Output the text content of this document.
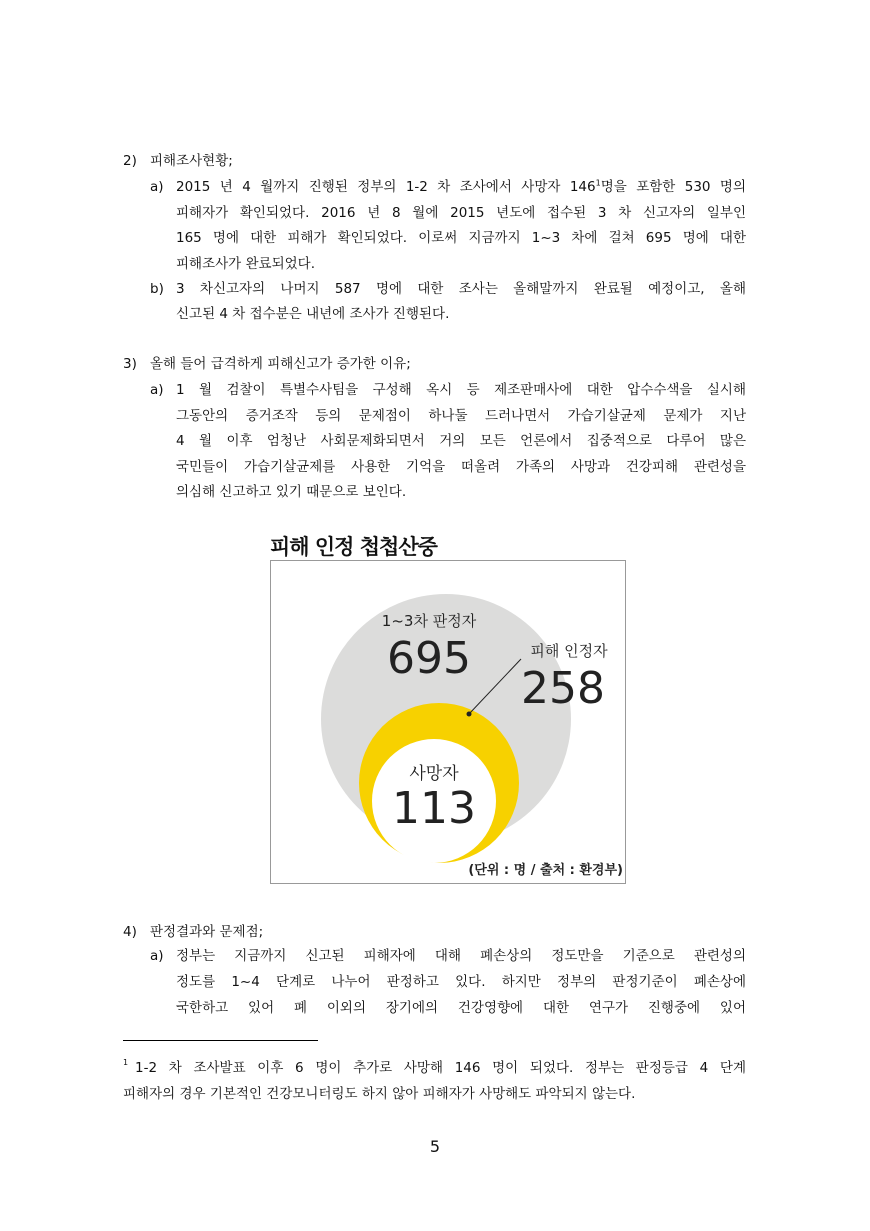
2) 피해조사현황;
a) 2015 년 4 월까지 진행된 정부의 1-2 차 조사에서 사망자 $146^1$명을 포함한 530 명의
피해자가 확인되었다. 2016 년 8 월에 2015 년도에 접수된 3 차 신고자의 일부인
165 명에 대한 피해가 확인되었다. 이로써 지금까지 1~3 차에 걸쳐 695 명에 대한
피해조사가 완료되었다.
b) 3 차신고자의 나머지 587 명에 대한 조사는 올해말까지 완료될 예정이고, 올해
신고된 4 차 접수분은 내년에 조사가 진행된다.
3) 올해 들어 급격하게 피해신고가 증가한 이유;
a) 1 월 검찰이 특별수사팀을 구성해 옥시 등 제조판매사에 대한 압수수색을 실시해
그동안의 증거조작 등의 문제점이 하나둘 드러나면서 가습기살균제 문제가 지난
4 월 이후 엄청난 사회문제화되면서 거의 모든 언론에서 집중적으로 다루어 많은
국민들이 가습기살균제를 사용한 기억을 떠올려 가족의 사망과 건강피해 관련성을
의심해 신고하고 있기 때문으로 보인다.
피해 인정 첩첩산중
1~3차 판정자
695	피해 인정자
258
사망자
113
(단위 : 명 / 출처 : 환경부)
4) 판정결과와 문제점;
a) 정부는 지금까지 신고된 피해자에 대해 폐손상의 정도만을 기준으로 관련성의
정도를 1~4 단계로 나누어 판정하고 있다. 하지만 정부의 판정기준이 폐손상에
국한하고 있어 폐 이외의 장기에의 건강영향에 대한 연구가 진행중에 있어
1 1-2 차 조사발표 이후 6 명이 추가로 사망해 146 명이 되었다. 정부는 판정등급 4 단계
피해자의 경우 기본적인 건강모니터링도 하지 않아 피해자가 사망해도 파악되지 않는다.
5
